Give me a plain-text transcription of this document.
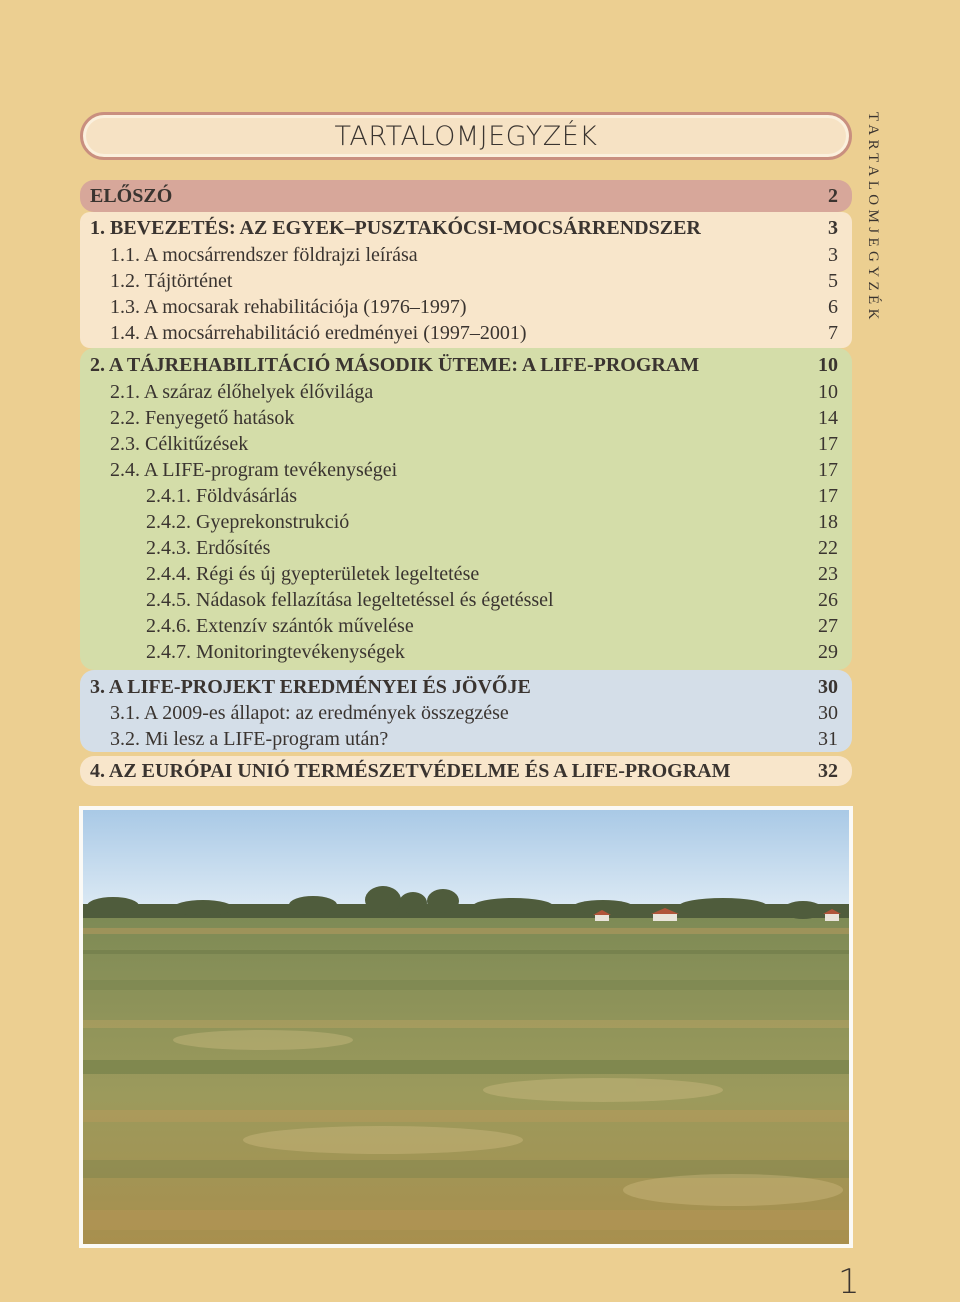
TARTALOMJEGYZÉK	TARTALOMJEGYZÉK
ELŐSZÓ	2
1. BEVEZETÉS: AZ EGYEK–PUSZTAKÓCSI-MOCSÁRRENDSZER	3
1.1. A mocsárrendszer földrajzi leírása	3
1.2. Tájtörténet	5
1.3. A mocsarak rehabilitációja (1976–1997)	6
1.4. A mocsárrehabilitáció eredményei (1997–2001)	7
2. A TÁJREHABILITÁCIÓ MÁSODIK ÜTEME: A LIFE-PROGRAM	10
2.1. A száraz élőhelyek élővilága	10
2.2. Fenyegető hatások	14
2.3. Célkitűzések	17
2.4. A LIFE-program tevékenységei	17
2.4.1. Földvásárlás	17
2.4.2. Gyeprekonstrukció	18
2.4.3. Erdősítés	22
2.4.4. Régi és új gyepterületek legeltetése	23
2.4.5. Nádasok fellazítása legeltetéssel és égetéssel	26
2.4.6. Extenzív szántók művelése	27
2.4.7. Monitoringtevékenységek	29
3. A LIFE-PROJEKT EREDMÉNYEI ÉS JÖVŐJE	30
3.1. A 2009-es állapot: az eredmények összegzése	30
3.2. Mi lesz a LIFE-program után?	31
4. AZ EURÓPAI UNIÓ TERMÉSZETVÉDELME ÉS A LIFE-PROGRAM	32
1
